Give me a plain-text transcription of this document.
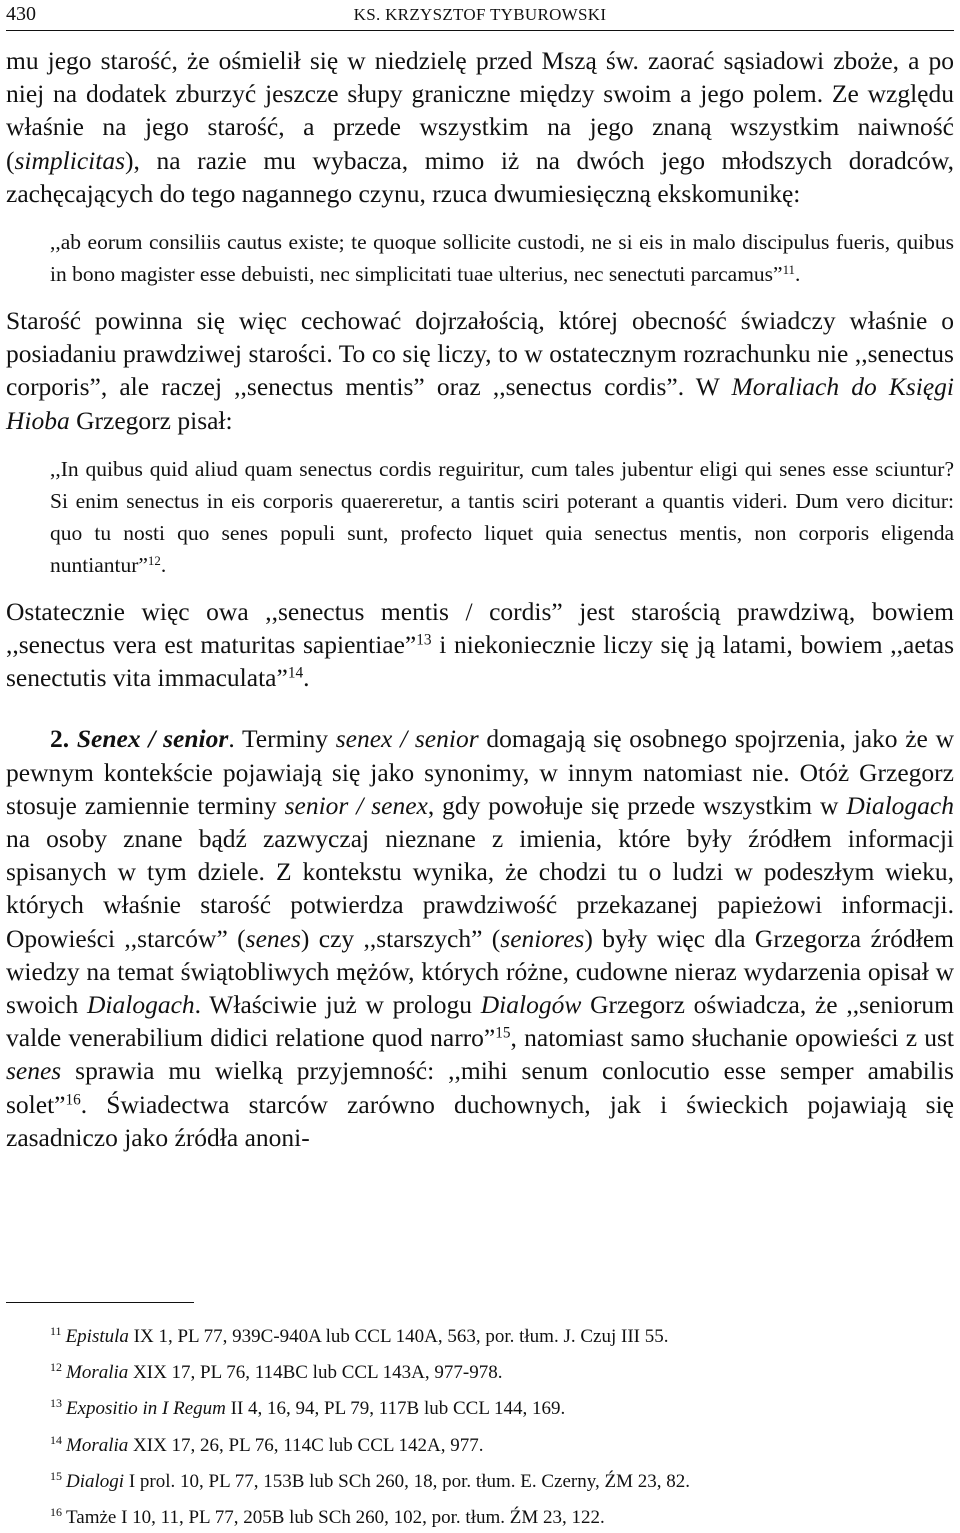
430	KS. KRZYSZTOF TYBUROWSKI

mu jego starość, że ośmielił się w niedzielę przed Mszą św. zaorać sąsiadowi zboże, a po niej na dodatek zburzyć jeszcze słupy graniczne między swoim a jego polem. Ze względu właśnie na jego starość, a przede wszystkim na jego znaną wszystkim naiwność (simplicitas), na razie mu wybacza, mimo iż na dwóch jego młodszych doradców, zachęcających do tego nagannego czynu, rzuca dwumiesięczną ekskomunikę:

,,ab eorum consiliis cautus existe; te quoque sollicite custodi, ne si eis in malo discipulus fueris, quibus in bono magister esse debuisti, nec simplicitati tuae ulterius, nec senectuti parcamus”$^{11}$.

Starość powinna się więc cechować dojrzałością, której obecność świadczy właśnie o posiadaniu prawdziwej starości. To co się liczy, to w ostatecznym rozrachunku nie ,,senectus corporis”, ale raczej ,,senectus mentis” oraz ,,senectus cordis”. W Moraliach do Księgi Hioba Grzegorz pisał:

,,In quibus quid aliud quam senectus cordis reguiritur, cum tales jubentur eligi qui senes esse sciuntur? Si enim senectus in eis corporis quaereretur, a tantis sciri poterant a quantis videri. Dum vero dicitur: quo tu nosti quo senes populi sunt, profecto liquet quia senectus mentis, non corporis eligenda nuntiantur”$^{12}$.

Ostatecznie więc owa ,,senectus mentis / cordis” jest starością prawdziwą, bowiem ,,senectus vera est maturitas sapientiae”$^{13}$ i niekoniecznie liczy się ją latami, bowiem ,,aetas senectutis vita immaculata”$^{14}$.

2. Senex / senior. Terminy senex / senior domagają się osobnego spojrzenia, jako że w pewnym kontekście pojawiają się jako synonimy, w innym natomiast nie. Otóż Grzegorz stosuje zamiennie terminy senior / senex, gdy powołuje się przede wszystkim w Dialogach na osoby znane bądź zazwyczaj nieznane z imienia, które były źródłem informacji spisanych w tym dziele. Z kontekstu wynika, że chodzi tu o ludzi w podeszłym wieku, których właśnie starość potwierdza prawdziwość przekazanej papieżowi informacji. Opowieści ,,starców” (senes) czy ,,starszych” (seniores) były więc dla Grzegorza źródłem wiedzy na temat świątobliwych mężów, których różne, cudowne nieraz wydarzenia opisał w swoich Dialogach. Właściwie już w prologu Dialogów Grzegorz oświadcza, że ,,seniorum valde venerabilium didici relatione quod narro”$^{15}$, natomiast samo słuchanie opowieści z ust senes sprawia mu wielką przyjemność: ,,mihi senum conlocutio esse semper amabilis solet”$^{16}$. Świadectwa starców zarówno duchownych, jak i świeckich pojawiają się zasadniczo jako źródła anoni-

$^{11}$ Epistula IX 1, PL 77, 939C-940A lub CCL 140A, 563, por. tłum. J. Czuj III 55.
$^{12}$ Moralia XIX 17, PL 76, 114BC lub CCL 143A, 977-978.
$^{13}$ Expositio in I Regum II 4, 16, 94, PL 79, 117B lub CCL 144, 169.
$^{14}$ Moralia XIX 17, 26, PL 76, 114C lub CCL 142A, 977.
$^{15}$ Dialogi I prol. 10, PL 77, 153B lub SCh 260, 18, por. tłum. E. Czerny, ŹM 23, 82.
$^{16}$ Tamże I 10, 11, PL 77, 205B lub SCh 260, 102, por. tłum. ŹM 23, 122.
